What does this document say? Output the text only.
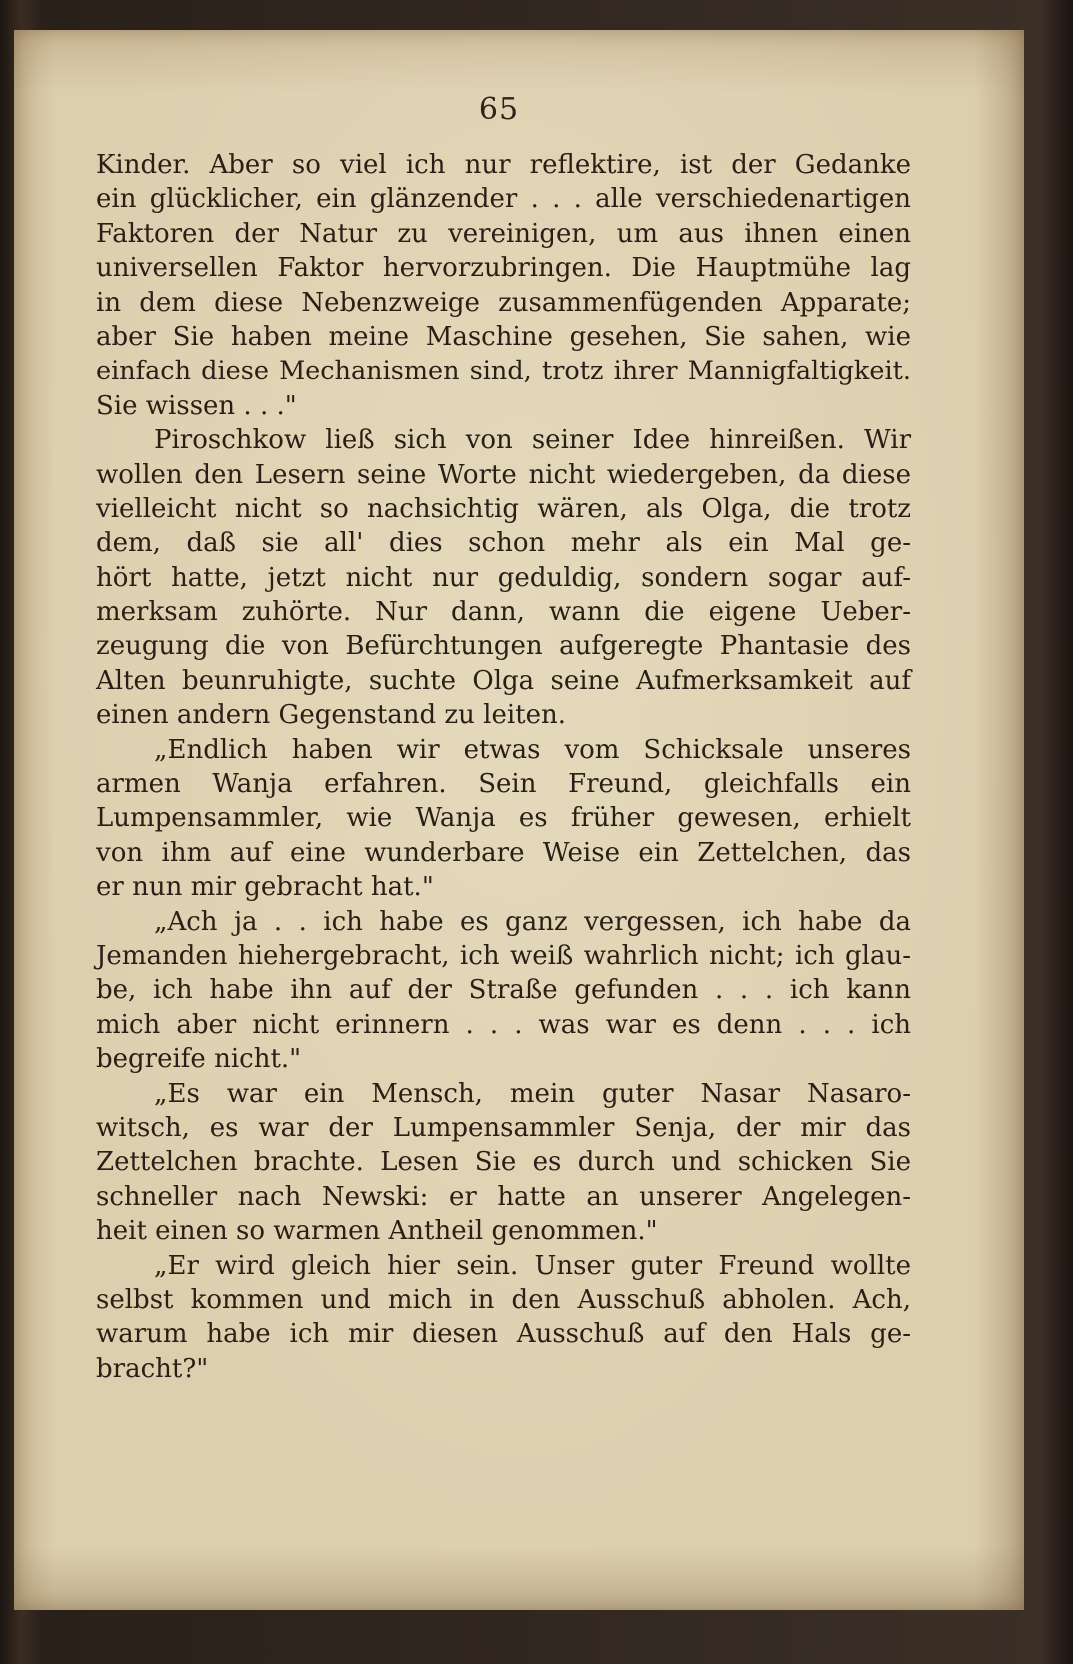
65
Kinder. Aber so viel ich nur reflektire, ist der Gedanke
ein glücklicher, ein glänzender . . . alle verschiedenartigen
Faktoren der Natur zu vereinigen, um aus ihnen einen
universellen Faktor hervorzubringen. Die Hauptmühe lag
in dem diese Nebenzweige zusammenfügenden Apparate;
aber Sie haben meine Maschine gesehen, Sie sahen, wie
einfach diese Mechanismen sind, trotz ihrer Mannigfaltigkeit.
Sie wissen . . ."
Piroschkow ließ sich von seiner Idee hinreißen. Wir
wollen den Lesern seine Worte nicht wiedergeben, da diese
vielleicht nicht so nachsichtig wären, als Olga, die trotz
dem, daß sie all' dies schon mehr als ein Mal ge-
hört hatte, jetzt nicht nur geduldig, sondern sogar auf-
merksam zuhörte. Nur dann, wann die eigene Ueber-
zeugung die von Befürchtungen aufgeregte Phantasie des
Alten beunruhigte, suchte Olga seine Aufmerksamkeit auf
einen andern Gegenstand zu leiten.
„Endlich haben wir etwas vom Schicksale unseres
armen Wanja erfahren. Sein Freund, gleichfalls ein
Lumpensammler, wie Wanja es früher gewesen, erhielt
von ihm auf eine wunderbare Weise ein Zettelchen, das
er nun mir gebracht hat."
„Ach ja . . ich habe es ganz vergessen, ich habe da
Jemanden hiehergebracht, ich weiß wahrlich nicht; ich glau-
be, ich habe ihn auf der Straße gefunden . . . ich kann
mich aber nicht erinnern . . . was war es denn . . . ich
begreife nicht."
„Es war ein Mensch, mein guter Nasar Nasaro-
witsch, es war der Lumpensammler Senja, der mir das
Zettelchen brachte. Lesen Sie es durch und schicken Sie
schneller nach Newski: er hatte an unserer Angelegen-
heit einen so warmen Antheil genommen."
„Er wird gleich hier sein. Unser guter Freund wollte
selbst kommen und mich in den Ausschuß abholen. Ach,
warum habe ich mir diesen Ausschuß auf den Hals ge-
bracht?"
